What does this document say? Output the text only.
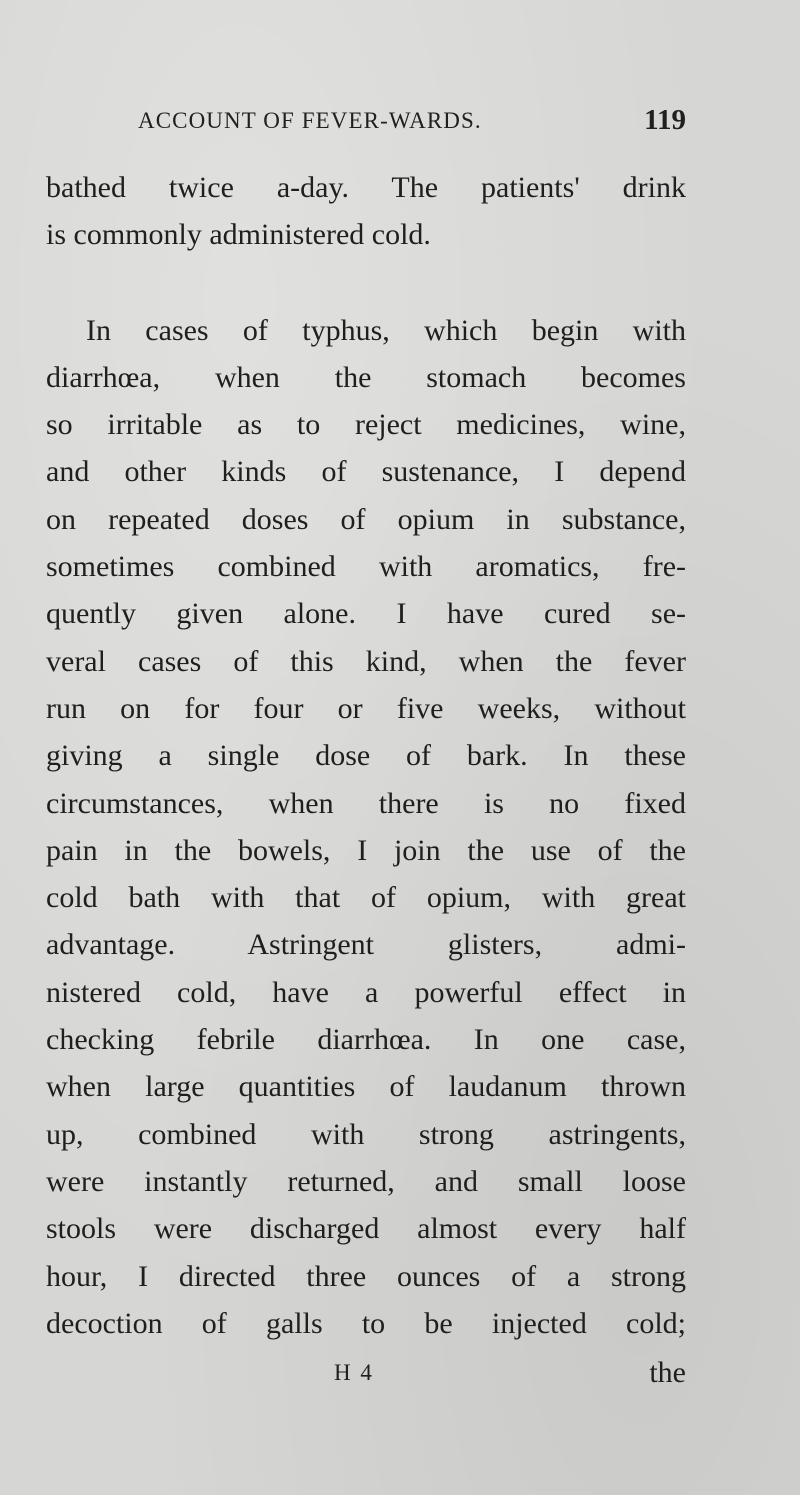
ACCOUNT OF FEVER-WARDS.	119
bathed twice a-day. The patients' drink
is commonly administered cold.
In cases of typhus, which begin with
diarrhœa, when the stomach becomes
so irritable as to reject medicines, wine,
and other kinds of sustenance, I depend
on repeated doses of opium in substance,
sometimes combined with aromatics, fre-
quently given alone. I have cured se-
veral cases of this kind, when the fever
run on for four or five weeks, without
giving a single dose of bark. In these
circumstances, when there is no fixed
pain in the bowels, I join the use of the
cold bath with that of opium, with great
advantage. Astringent glisters, admi-
nistered cold, have a powerful effect in
checking febrile diarrhœa. In one case,
when large quantities of laudanum thrown
up, combined with strong astringents,
were instantly returned, and small loose
stools were discharged almost every half
hour, I directed three ounces of a strong
decoction of galls to be injected cold;
H 4	the
